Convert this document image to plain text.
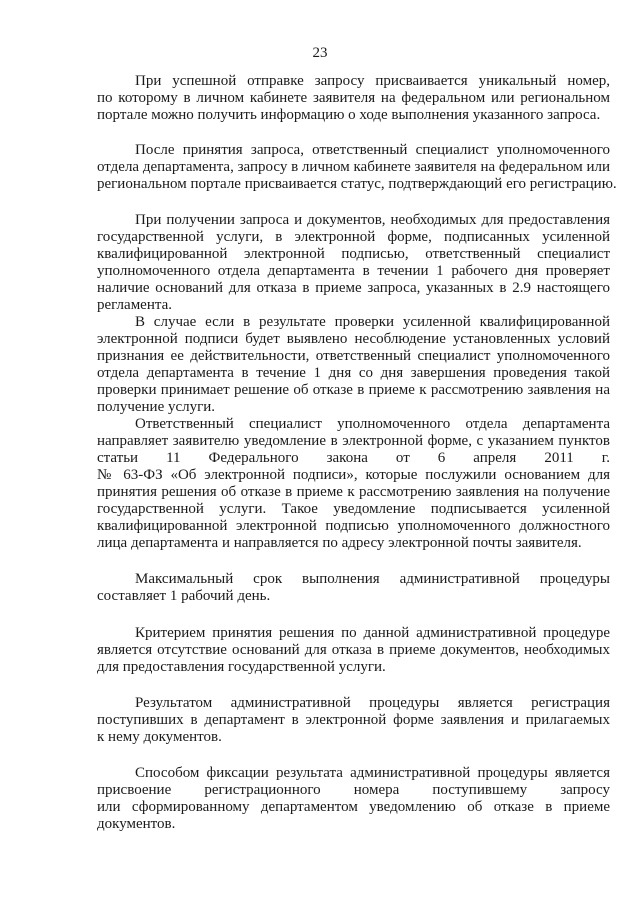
23
При успешной отправке запросу присваивается уникальный номер,
по которому в личном кабинете заявителя на федеральном или региональном
портале можно получить информацию о ходе выполнения указанного запроса.
После принятия запроса, ответственный специалист уполномоченного
отдела департамента, запросу в личном кабинете заявителя на федеральном или
региональном портале присваивается статус, подтверждающий его регистрацию.
При получении запроса и документов, необходимых для предоставления
государственной услуги, в электронной форме, подписанных усиленной
квалифицированной электронной подписью, ответственный специалист
уполномоченного отдела департамента в течении 1 рабочего дня проверяет
наличие оснований для отказа в приеме запроса, указанных в 2.9 настоящего
регламента.
В случае если в результате проверки усиленной квалифицированной
электронной подписи будет выявлено несоблюдение установленных условий
признания ее действительности, ответственный специалист уполномоченного
отдела департамента в течение 1 дня со дня завершения проведения такой
проверки принимает решение об отказе в приеме к рассмотрению заявления на
получение услуги.
Ответственный специалист уполномоченного отдела департамента
направляет заявителю уведомление в электронной форме, с указанием пунктов
статьи 11 Федерального закона от 6 апреля 2011 г.
№ 63-ФЗ «Об электронной подписи», которые послужили основанием для
принятия решения об отказе в приеме к рассмотрению заявления на получение
государственной услуги. Такое уведомление подписывается усиленной
квалифицированной электронной подписью уполномоченного должностного
лица департамента и направляется по адресу электронной почты заявителя.
Максимальный срок выполнения административной процедуры
составляет 1 рабочий день.
Критерием принятия решения по данной административной процедуре
является отсутствие оснований для отказа в приеме документов, необходимых
для предоставления государственной услуги.
Результатом административной процедуры является регистрация
поступивших в департамент в электронной форме заявления и прилагаемых
к нему документов.
Способом фиксации результата административной процедуры является
присвоение регистрационного номера поступившему запросу
или сформированному департаментом уведомлению об отказе в приеме
документов.
